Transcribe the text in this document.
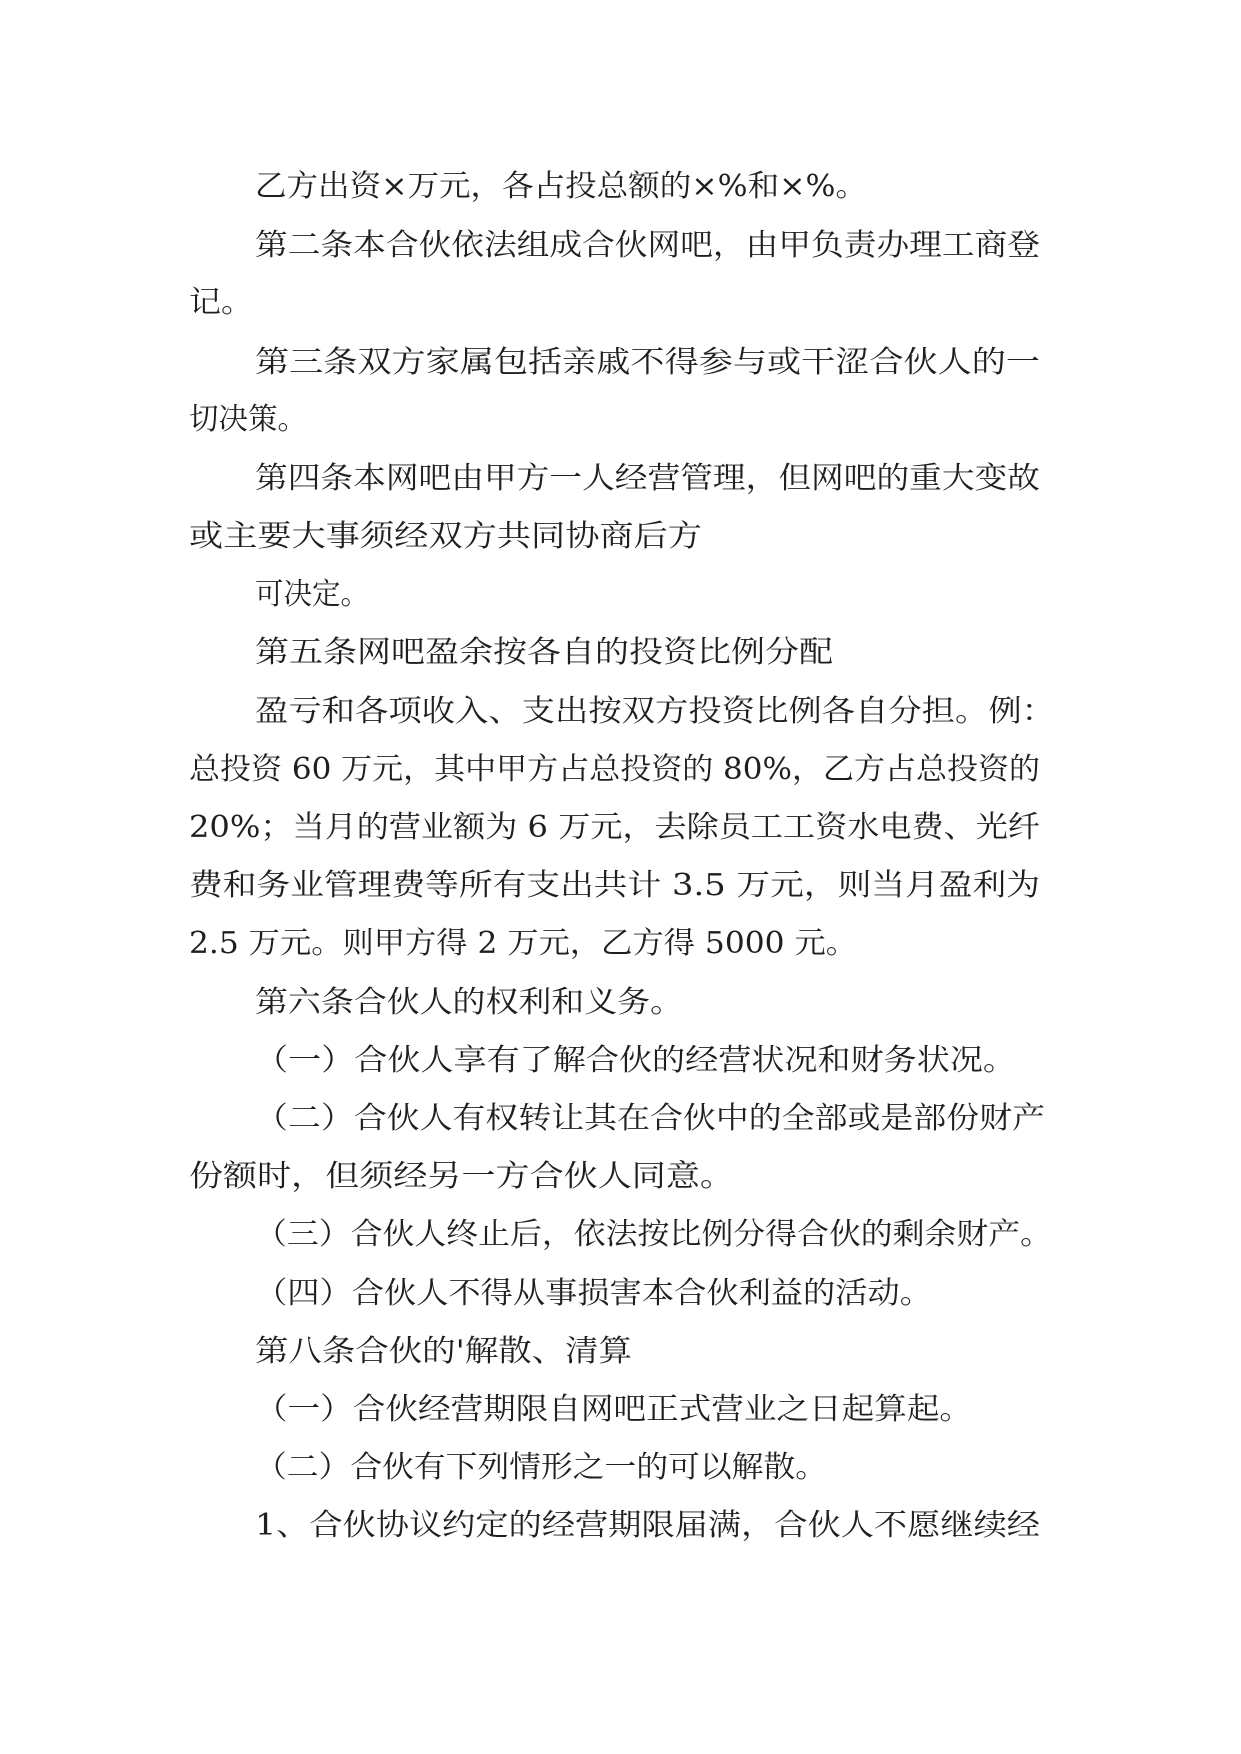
乙方出资×万元，各占投总额的×%和×%。

第二条本合伙依法组成合伙网吧，由甲负责办理工商登

记。

第三条双方家属包括亲戚不得参与或干涩合伙人的一

切决策。

第四条本网吧由甲方一人经营管理，但网吧的重大变故

或主要大事须经双方共同协商后方

可决定。

第五条网吧盈余按各自的投资比例分配

盈亏和各项收入、支出按双方投资比例各自分担。例：

总投资 60 万元，其中甲方占总投资的 80%，乙方占总投资的

20%；当月的营业额为 6 万元，去除员工工资水电费、光纤

费和务业管理费等所有支出共计 3.5 万元，则当月盈利为

2.5 万元。则甲方得 2 万元，乙方得 5000 元。

第六条合伙人的权利和义务。

（一）合伙人享有了解合伙的经营状况和财务状况。

（二）合伙人有权转让其在合伙中的全部或是部份财产

份额时，但须经另一方合伙人同意。

（三）合伙人终止后，依法按比例分得合伙的剩余财产。

（四）合伙人不得从事损害本合伙利益的活动。

第八条合伙的'解散、清算

（一）合伙经营期限自网吧正式营业之日起算起。

（二）合伙有下列情形之一的可以解散。

1、合伙协议约定的经营期限届满，合伙人不愿继续经
